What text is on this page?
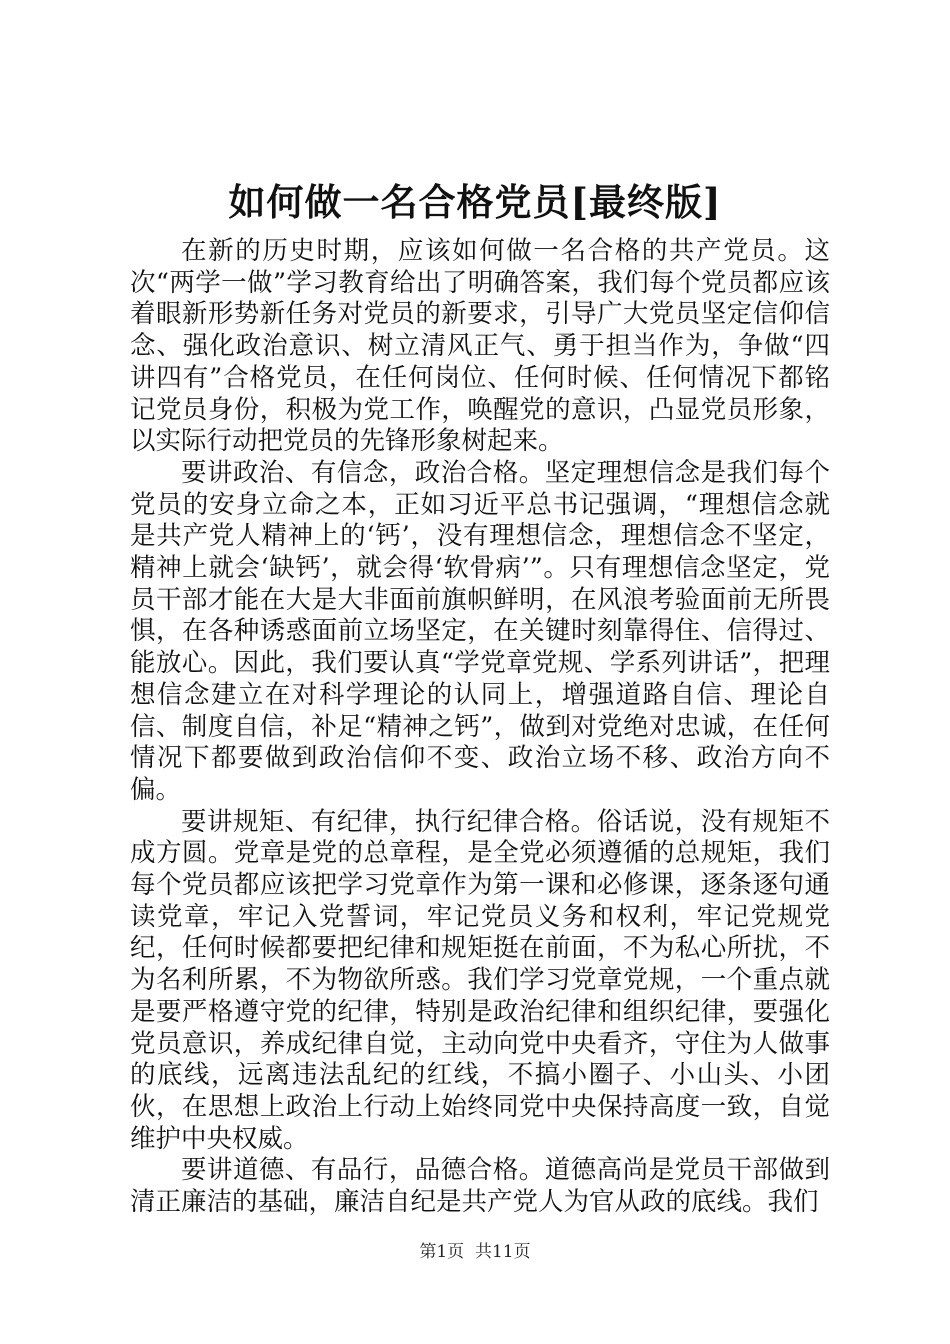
如何做一名合格党员[最终版]

在新的历史时期，应该如何做一名合格的共产党员。这次“两学一做”学习教育给出了明确答案，我们每个党员都应该着眼新形势新任务对党员的新要求，引导广大党员坚定信仰信念、强化政治意识、树立清风正气、勇于担当作为，争做“四讲四有”合格党员，在任何岗位、任何时候、任何情况下都铭记党员身份，积极为党工作，唤醒党的意识，凸显党员形象，以实际行动把党员的先锋形象树起来。

要讲政治、有信念，政治合格。坚定理想信念是我们每个党员的安身立命之本，正如习近平总书记强调，“理想信念就是共产党人精神上的‘钙’，没有理想信念，理想信念不坚定，精神上就会‘缺钙’，就会得‘软骨病’”。只有理想信念坚定，党员干部才能在大是大非面前旗帜鲜明，在风浪考验面前无所畏惧，在各种诱惑面前立场坚定，在关键时刻靠得住、信得过、能放心。因此，我们要认真“学党章党规、学系列讲话”，把理想信念建立在对科学理论的认同上，增强道路自信、理论自信、制度自信，补足“精神之钙”，做到对党绝对忠诚，在任何情况下都要做到政治信仰不变、政治立场不移、政治方向不偏。

要讲规矩、有纪律，执行纪律合格。俗话说，没有规矩不成方圆。党章是党的总章程，是全党必须遵循的总规矩，我们每个党员都应该把学习党章作为第一课和必修课，逐条逐句通读党章，牢记入党誓词，牢记党员义务和权利，牢记党规党纪，任何时候都要把纪律和规矩挺在前面，不为私心所扰，不为名利所累，不为物欲所惑。我们学习党章党规，一个重点就是要严格遵守党的纪律，特别是政治纪律和组织纪律，要强化党员意识，养成纪律自觉，主动向党中央看齐，守住为人做事的底线，远离违法乱纪的红线，不搞小圈子、小山头、小团伙，在思想上政治上行动上始终同党中央保持高度一致，自觉维护中央权威。

要讲道德、有品行，品德合格。道德高尚是党员干部做到清正廉洁的基础，廉洁自纪是共产党人为官从政的底线。我们

第1页  共11页
